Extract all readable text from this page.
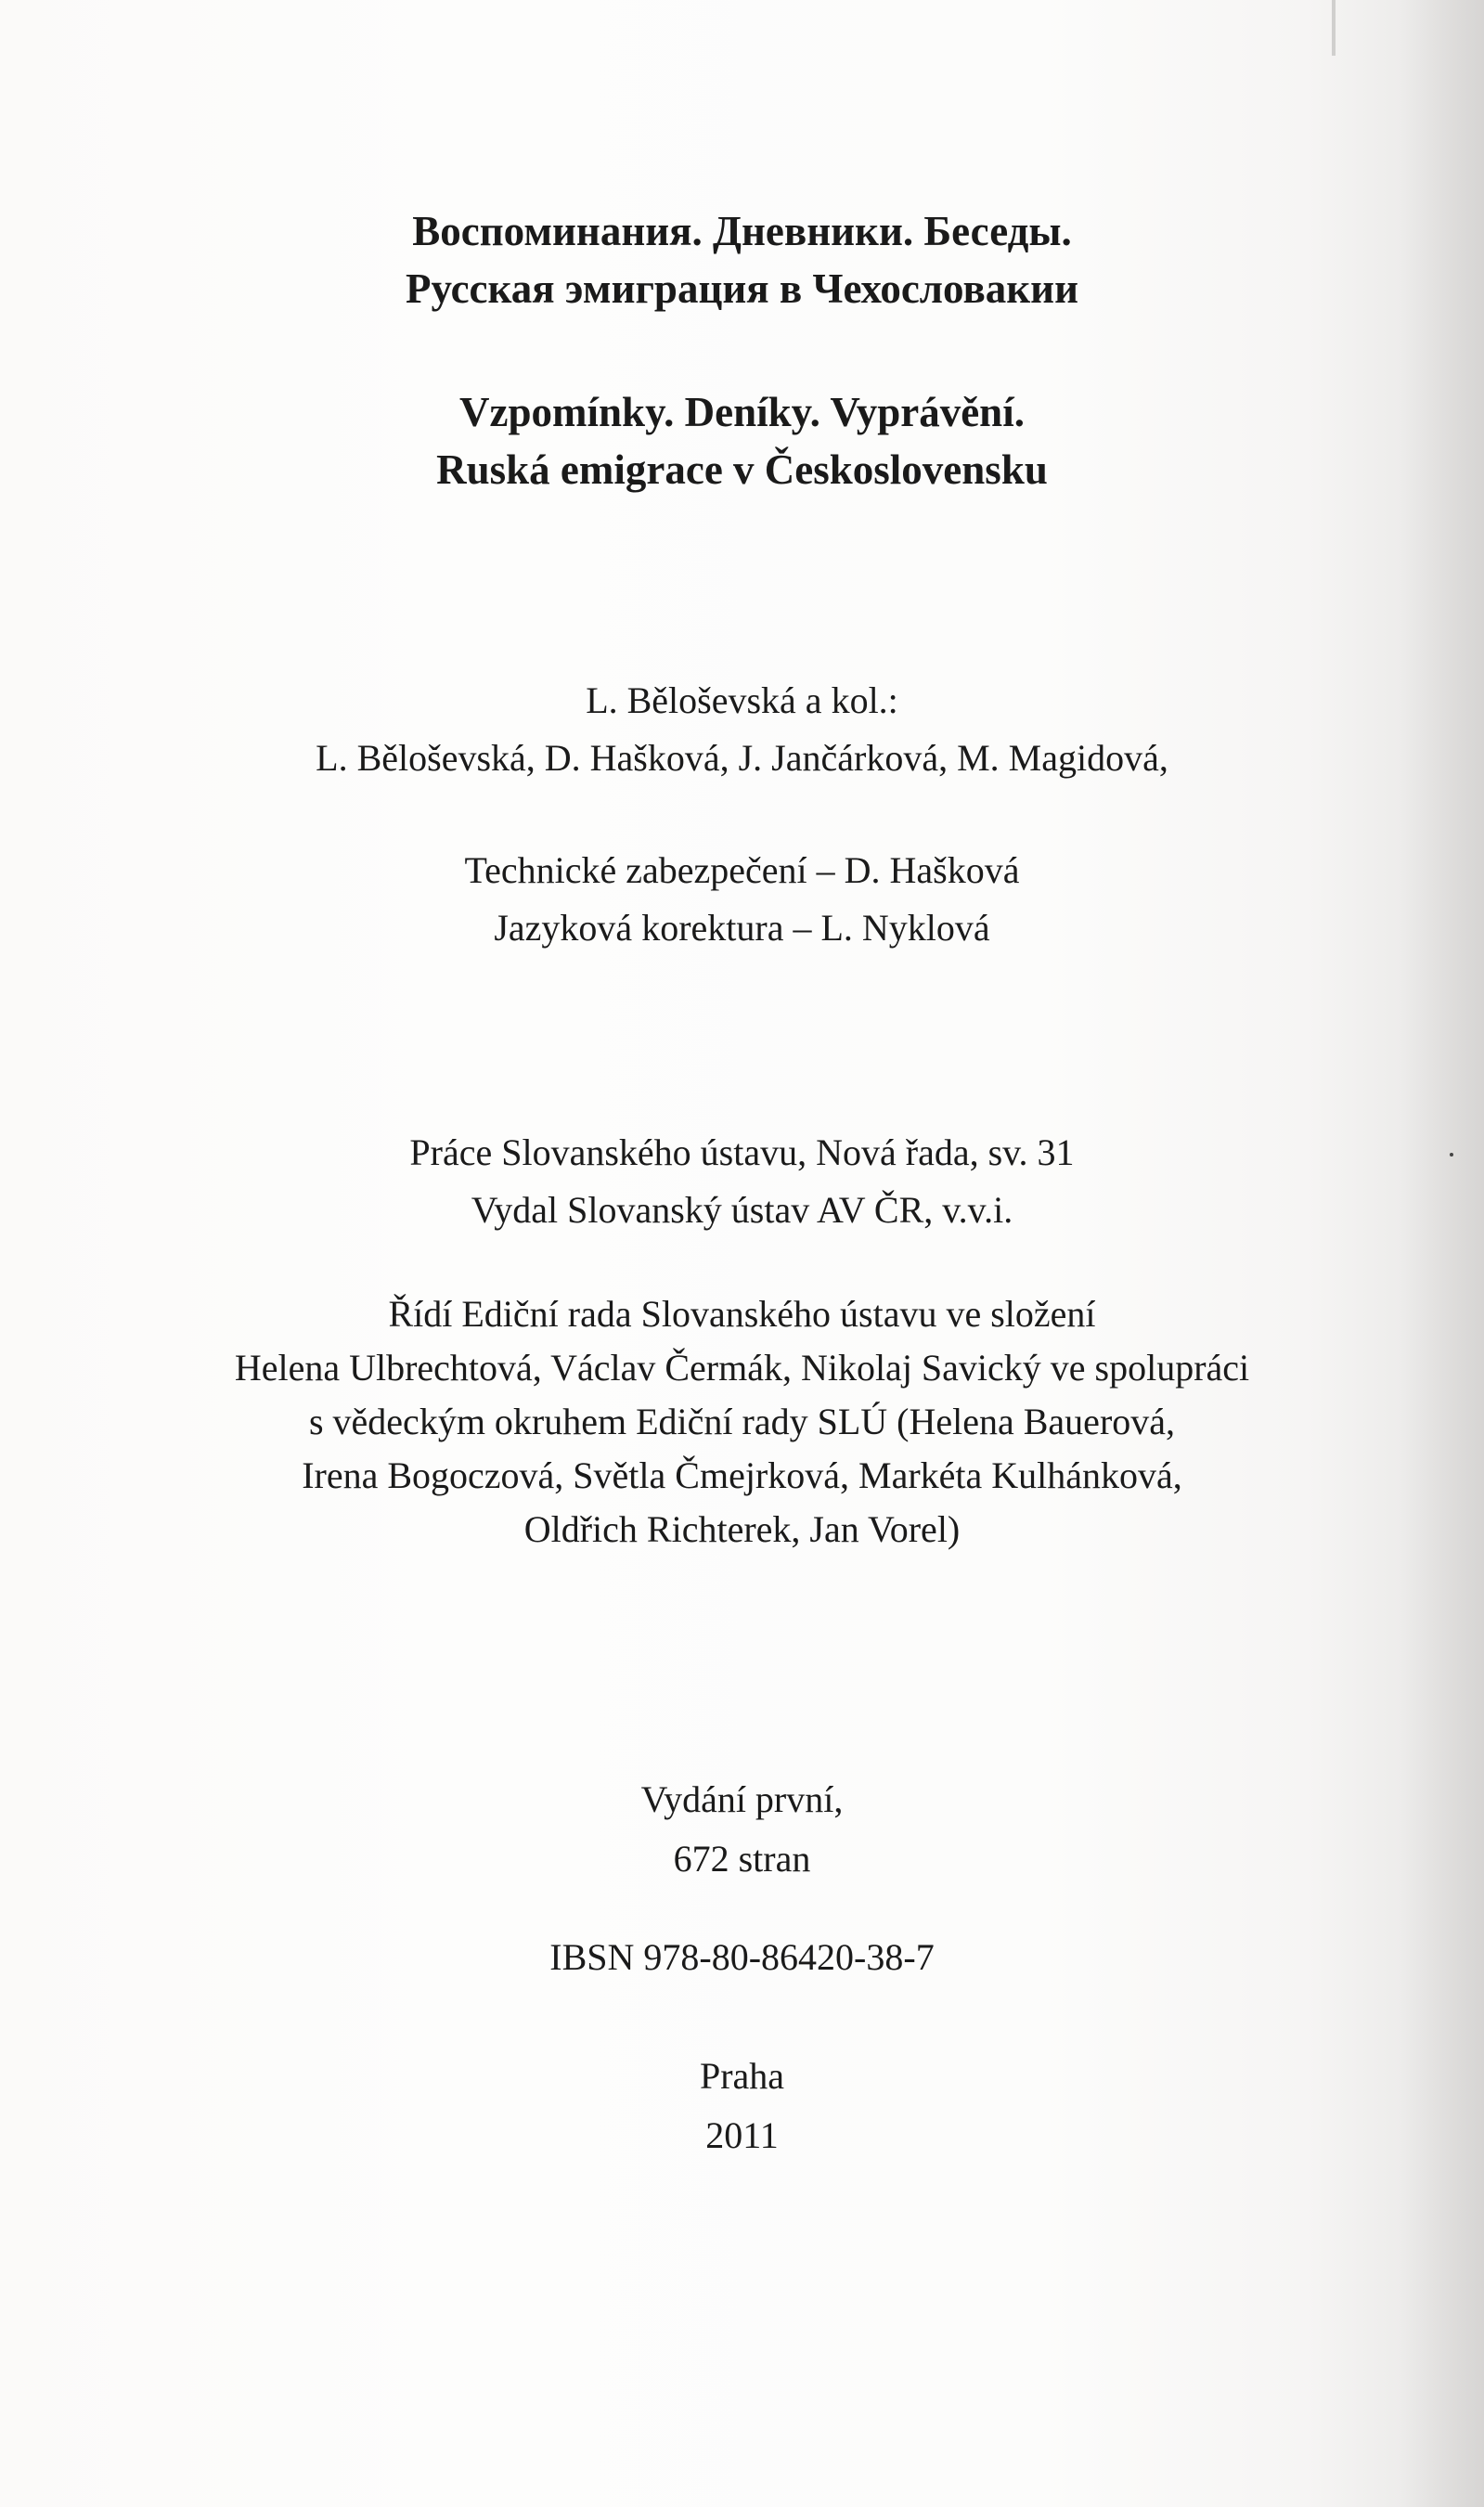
Воспоминания. Дневники. Беседы.
Русская эмиграция в Чехословакии
Vzpomínky. Deníky. Vyprávění.
Ruská emigrace v Československu
L. Běloševská a kol.:
L. Běloševská, D. Hašková, J. Jančárková, M. Magidová,
Technické zabezpečení – D. Hašková
Jazyková korektura – L. Nyklová
Práce Slovanského ústavu, Nová řada, sv. 31
Vydal Slovanský ústav AV ČR, v.v.i.
Řídí Ediční rada Slovanského ústavu ve složení
Helena Ulbrechtová, Václav Čermák, Nikolaj Savický ve spolupráci
s vědeckým okruhem Ediční rady SLÚ (Helena Bauerová,
Irena Bogoczová, Světla Čmejrková, Markéta Kulhánková,
Oldřich Richterek, Jan Vorel)
Vydání první,
672 stran
IBSN 978-80-86420-38-7
Praha
2011
